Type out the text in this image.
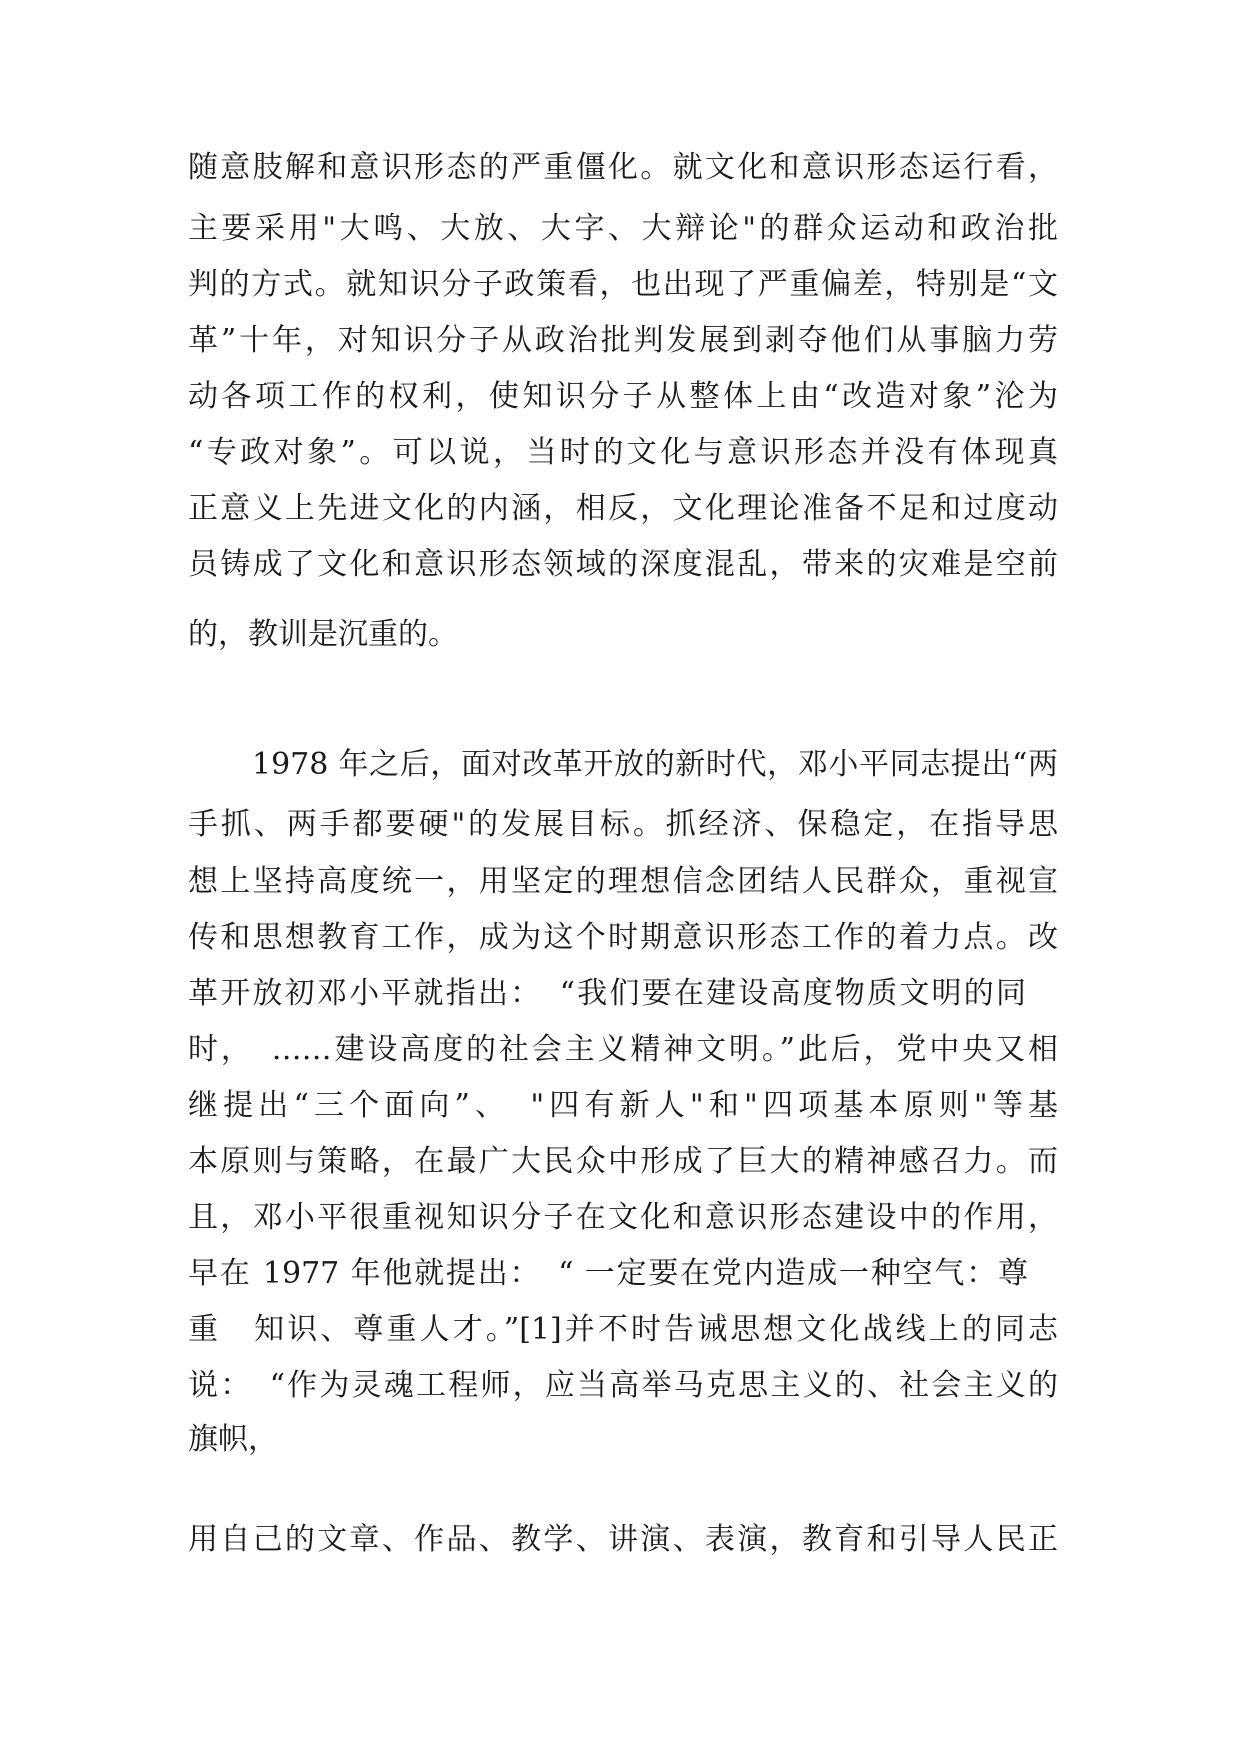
随意肢解和意识形态的严重僵化。就文化和意识形态运行看，
主要采用"大鸣、大放、大字、大辩论"的群众运动和政治批
判的方式。就知识分子政策看，也出现了严重偏差，特别是“文
革”十年，对知识分子从政治批判发展到剥夺他们从事脑力劳
动各项工作的权利，使知识分子从整体上由“改造对象”沦为
“专政对象”。可以说，当时的文化与意识形态并没有体现真
正意义上先进文化的内涵，相反，文化理论准备不足和过度动
员铸成了文化和意识形态领域的深度混乱，带来的灾难是空前
的，教训是沉重的。
1978 年之后，面对改革开放的新时代，邓小平同志提出“两
手抓、两手都要硬"的发展目标。抓经济、保稳定，在指导思
想上坚持高度统一，用坚定的理想信念团结人民群众，重视宣
传和思想教育工作，成为这个时期意识形态工作的着力点。改
革开放初邓小平就指出：　“我们要在建设高度物质文明的同
时，　……建设高度的社会主义精神文明。”此后，党中央又相
继提出“三个面向”、　"四有新人"和"四项基本原则"等基
本原则与策略，在最广大民众中形成了巨大的精神感召力。而
且，邓小平很重视知识分子在文化和意识形态建设中的作用，
早在 1977 年他就提出：　“ 一定要在党内造成一种空气：尊
重　知识、尊重人才。”[1]并不时告诫思想文化战线上的同志
说：　“作为灵魂工程师，应当高举马克思主义的、社会主义的
旗帜，
用自己的文章、作品、教学、讲演、表演，教育和引导人民正
